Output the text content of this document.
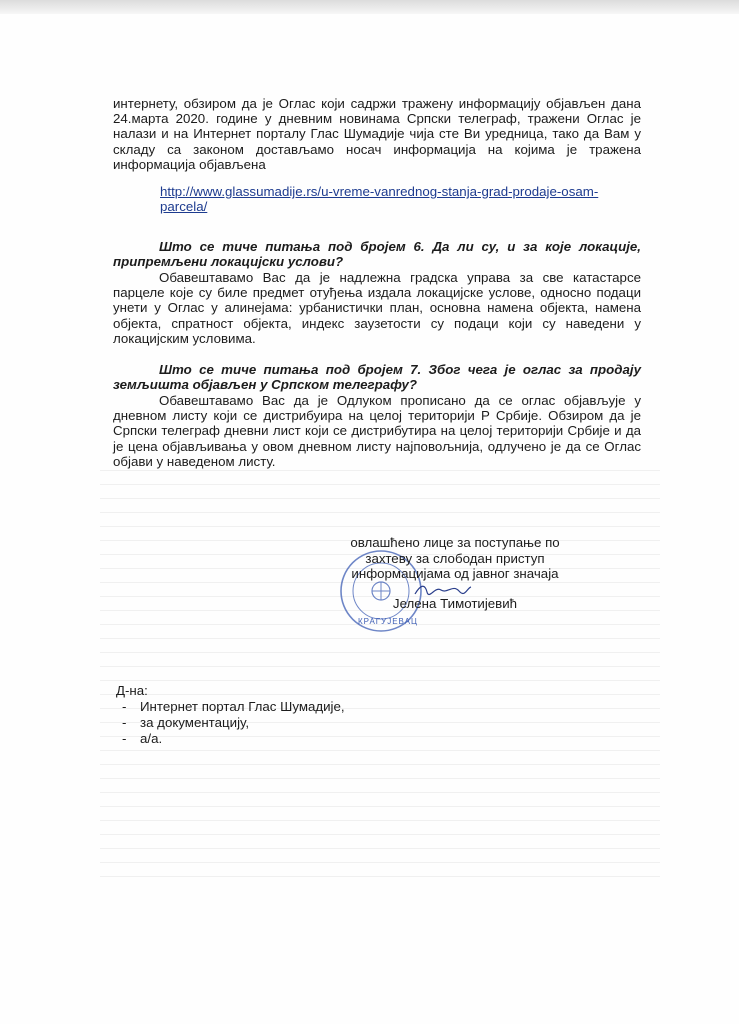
интернету, обзиром да је Оглас који садржи тражену информацију објављен дана 24.марта 2020. године у дневним новинама Српски телеграф, тражени Оглас је налази и на Интернет порталу Глас Шумадије чија сте Ви уредница, тако да Вам у складу са законом достављамо носач информација на којима је тражена информација објављена

http://www.glassumadije.rs/u-vreme-vanrednog-stanja-grad-prodaje-osam-parcela/

Што се тиче питања под бројем 6. Да ли су, и за које локације, припремљени локацијски услови?

Обавештавамо Вас да је надлежна градска управа за све катастарсе парцеле које су биле предмет отуђења издала локацијске услове, односно подаци унети у Оглас у алинејама: урбанистички план, основна намена објекта, намена објекта, спратност објекта, индекс заузетости су подаци који су наведени у локацијским условима.

Што се тиче питања под бројем 7. Због чега је оглас за продају земљишта објављен у Српском телеграфу?

Обавештавамо Вас да је Одлуком прописано да се оглас објављује у дневном листу који се дистрибуира на целој територији Р Србије. Обзиром да је Српски телеграф дневни лист који се дистрибутира на целој територији Србије и да је цена објављивања у овом дневном листу најповољнија, одлучено је да се Оглас објави у наведеном листу.

КРАГУЈЕВАЦ
овлашћено лице за поступање по
захтеву за слободан приступ
информацијама од јавног значаја
Јелена Тимотијевић
Д-на:
- Интернет портал Глас Шумадије,
- за документацију,
- а/а.
